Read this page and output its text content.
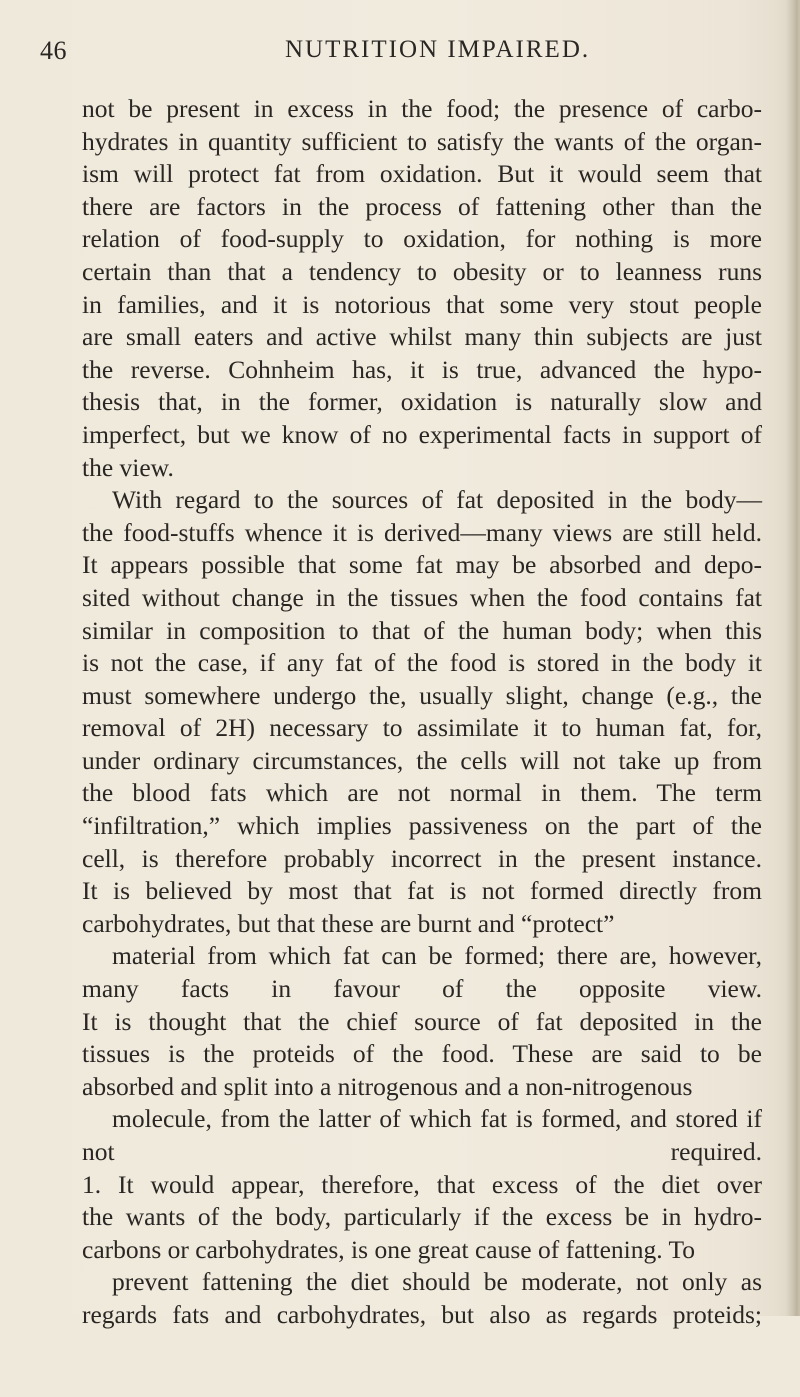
46	NUTRITION IMPAIRED.
not be present in excess in the food; the presence of carbo-
hydrates in quantity sufficient to satisfy the wants of the organ-
ism will protect fat from oxidation. But it would seem that
there are factors in the process of fattening other than the
relation of food-supply to oxidation, for nothing is more
certain than that a tendency to obesity or to leanness runs
in families, and it is notorious that some very stout people
are small eaters and active whilst many thin subjects are just
the reverse. Cohnheim has, it is true, advanced the hypo-
thesis that, in the former, oxidation is naturally slow and
imperfect, but we know of no experimental facts in support of
the view.
With regard to the sources of fat deposited in the body—
the food-stuffs whence it is derived—many views are still held.
It appears possible that some fat may be absorbed and depo-
sited without change in the tissues when the food contains fat
similar in composition to that of the human body; when this
is not the case, if any fat of the food is stored in the body it
must somewhere undergo the, usually slight, change (e.g., the
removal of 2H) necessary to assimilate it to human fat, for,
under ordinary circumstances, the cells will not take up from
the blood fats which are not normal in them. The term
“infiltration,” which implies passiveness on the part of the
cell, is therefore probably incorrect in the present instance.
It is believed by most that fat is not formed directly from
carbohydrates, but that these are burnt and “protect”
material from which fat can be formed; there are, however,
many facts in favour of the opposite view.
It is thought that the chief source of fat deposited in the
tissues is the proteids of the food. These are said to be
absorbed and split into a nitrogenous and a non-nitrogenous
molecule, from the latter of which fat is formed, and stored if
not required.
1. It would appear, therefore, that excess of the diet over
the wants of the body, particularly if the excess be in hydro-
carbons or carbohydrates, is one great cause of fattening. To
prevent fattening the diet should be moderate, not only as
regards fats and carbohydrates, but also as regards proteids;
